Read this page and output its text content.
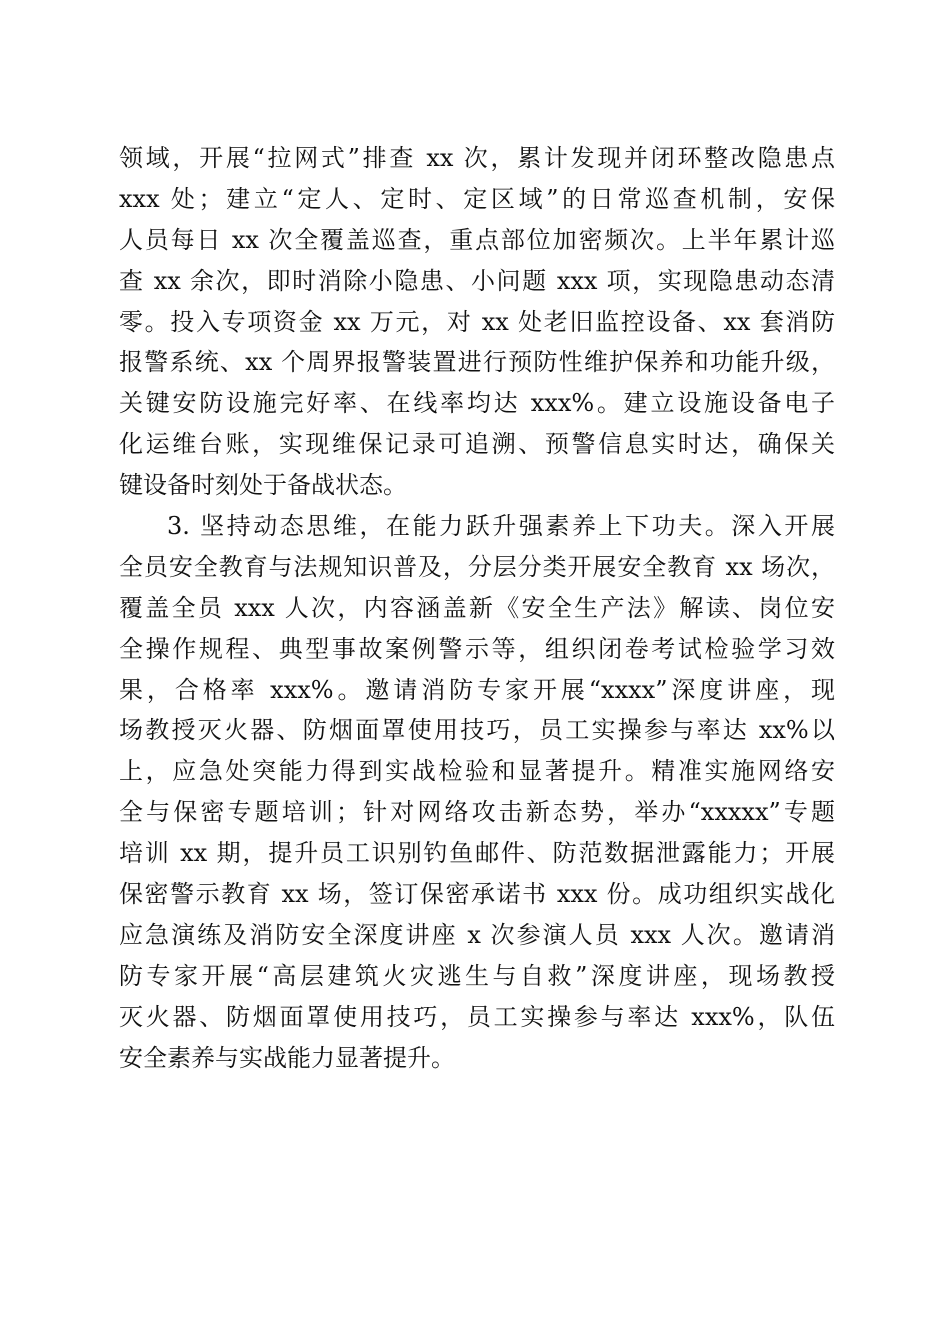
领域，开展“拉网式”排查 xx 次，累计发现并闭环整改隐患点
xxx 处；建立“定人、定时、定区域”的日常巡查机制，安保
人员每日 xx 次全覆盖巡查，重点部位加密频次。上半年累计巡
查 xx 余次，即时消除小隐患、小问题 xxx 项，实现隐患动态清
零。投入专项资金 xx 万元，对 xx 处老旧监控设备、xx 套消防
报警系统、xx 个周界报警装置进行预防性维护保养和功能升级，
关键安防设施完好率、在线率均达 xxx%。建立设施设备电子
化运维台账，实现维保记录可追溯、预警信息实时达，确保关
键设备时刻处于备战状态。
3. 坚持动态思维，在能力跃升强素养上下功夫。深入开展
全员安全教育与法规知识普及，分层分类开展安全教育 xx 场次，
覆盖全员 xxx 人次，内容涵盖新《安全生产法》解读、岗位安
全操作规程、典型事故案例警示等，组织闭卷考试检验学习效
果，合格率 xxx%。邀请消防专家开展“xxxx”深度讲座，现
场教授灭火器、防烟面罩使用技巧，员工实操参与率达 xx%以
上，应急处突能力得到实战检验和显著提升。精准实施网络安
全与保密专题培训；针对网络攻击新态势，举办“xxxxx”专题
培训 xx 期，提升员工识别钓鱼邮件、防范数据泄露能力；开展
保密警示教育 xx 场，签订保密承诺书 xxx 份。成功组织实战化
应急演练及消防安全深度讲座 x 次参演人员 xxx 人次。邀请消
防专家开展“高层建筑火灾逃生与自救”深度讲座，现场教授
灭火器、防烟面罩使用技巧，员工实操参与率达 xxx%，队伍
安全素养与实战能力显著提升。
